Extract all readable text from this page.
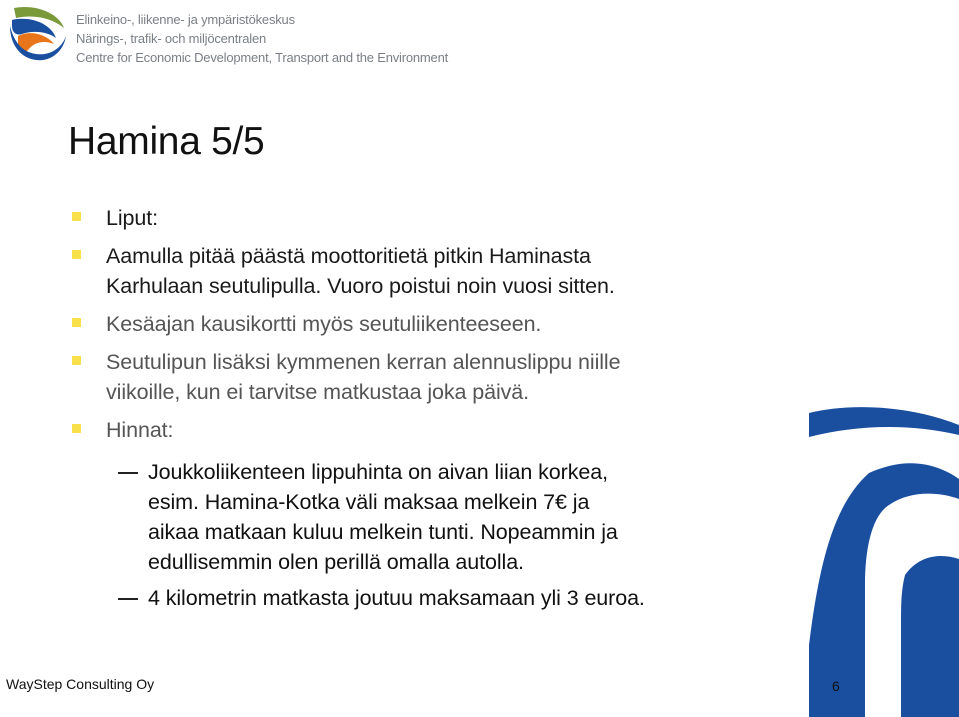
Elinkeino-, liikenne- ja ympäristökeskus
Närings-, trafik- och miljöcentralen
Centre for Economic Development, Transport and the Environment
Hamina 5/5
Liput:
Aamulla pitää päästä moottoritietä pitkin Haminasta
Karhulaan seutulipulla. Vuoro poistui noin vuosi sitten.
Kesäajan kausikortti myös seutuliikenteeseen.
Seutulipun lisäksi kymmenen kerran alennuslippu niille
viikoille, kun ei tarvitse matkustaa joka päivä.
Hinnat:
Joukkoliikenteen lippuhinta on aivan liian korkea,
esim. Hamina-Kotka väli maksaa melkein 7€ ja
aikaa matkaan kuluu melkein tunti. Nopeammin ja
edullisemmin olen perillä omalla autolla.
4 kilometrin matkasta joutuu maksamaan yli 3 euroa.
WayStep Consulting Oy	6
